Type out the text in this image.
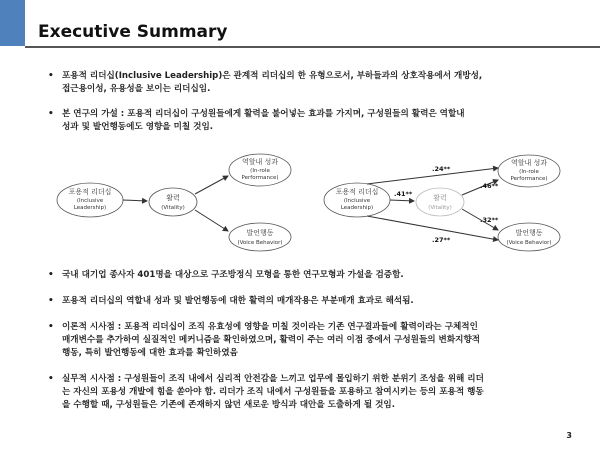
Executive Summary
• 포용적 리더십(Inclusive Leadership)은 관계적 리더십의 한 유형으로서, 부하들과의 상호작용에서 개방성,
접근용이성, 유용성을 보이는 리더십임.
• 본 연구의 가설 : 포용적 리더십이 구성원들에게 활력을 불어넣는 효과를 가지며, 구성원들의 활력은 역할내
성과 및 발언행동에도 영향을 미칠 것임.
포용적 리더십
(Inclusive
Leadership)
활력
(Vitality)
역할내 성과
(In-role
Performance)
발언행동
(Voice Behavior)
포용적 리더십
(Inclusive
Leadership)
활력
(Vitality)
역할내 성과
(In-role
Performance)
발언행동
(Voice Behavior)
.41**
.24**
.46**
.32**
.27**
• 국내 대기업 종사자 401명을 대상으로 구조방정식 모형을 통한 연구모형과 가설을 검증함.
• 포용적 리더십의 역할내 성과 및 발언행동에 대한 활력의 매개작용은 부분매개 효과로 해석됨.
• 이론적 시사점 : 포용적 리더십이 조직 유효성에 영향을 미칠 것이라는 기존 연구결과들에 활력이라는 구체적인
매개변수를 추가하여 실질적인 메커니즘을 확인하였으며, 활력이 주는 여러 이점 중에서 구성원들의 변화지향적
행동, 특히 발언행동에 대한 효과를 확인하였음
• 실무적 시사점 : 구성원들이 조직 내에서 심리적 안전감을 느끼고 업무에 몰입하기 위한 분위기 조성을 위해 리더
는 자신의 포용성 개발에 힘을 쏟아야 함. 리더가 조직 내에서 구성원들을 포용하고 참여시키는 등의 포용적 행동
을 수행할 때, 구성원들은 기존에 존재하지 않던 새로운 방식과 대안을 도출하게 될 것임.
3
